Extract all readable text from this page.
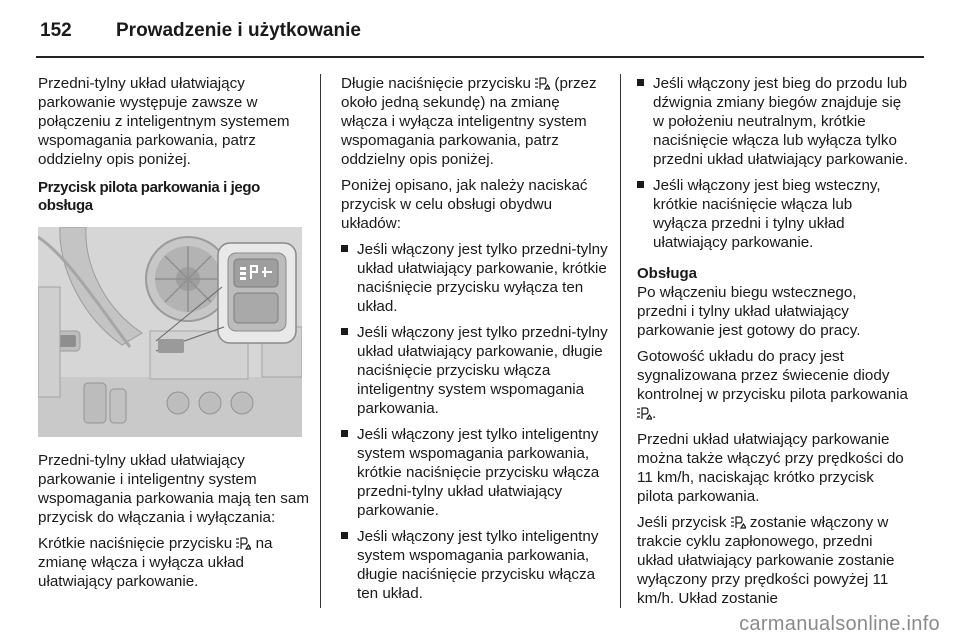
152 Prowadzenie i użytkowanie

Przedni-tylny układ ułatwiający parkowanie występuje zawsze w połączeniu z inteligentnym systemem wspomagania parkowania, patrz oddzielny opis poniżej.

Przycisk pilota parkowania i jego obsługa

Przedni-tylny układ ułatwiający parkowanie i inteligentny system wspomagania parkowania mają ten sam przycisk do włączania i wyłączania:

Krótkie naciśnięcie przycisku na zmianę włącza i wyłącza układ ułatwiający parkowanie.

Długie naciśnięcie przycisku (przez około jedną sekundę) na zmianę włącza i wyłącza inteligentny system wspomagania parkowania, patrz oddzielny opis poniżej.

Poniżej opisano, jak należy naciskać przycisk w celu obsługi obydwu układów:

Jeśli włączony jest tylko przedni-tylny układ ułatwiający parkowanie, krótkie naciśnięcie przycisku wyłącza ten układ.
Jeśli włączony jest tylko przedni-tylny układ ułatwiający parkowanie, długie naciśnięcie przycisku włącza inteligentny system wspomagania parkowania.
Jeśli włączony jest tylko inteligentny system wspomagania parkowania, krótkie naciśnięcie przycisku włącza przedni-tylny układ ułatwiający parkowanie.
Jeśli włączony jest tylko inteligentny system wspomagania parkowania, długie naciśnięcie przycisku włącza ten układ.
Jeśli włączony jest bieg do przodu lub dźwignia zmiany biegów znajduje się w położeniu neutralnym, krótkie naciśnięcie włącza lub wyłącza tylko przedni układ ułatwiający parkowanie.
Jeśli włączony jest bieg wsteczny, krótkie naciśnięcie włącza lub wyłącza przedni i tylny układ ułatwiający parkowanie.
Obsługa

Po włączeniu biegu wstecznego, przedni i tylny układ ułatwiający parkowanie jest gotowy do pracy.

Gotowość układu do pracy jest sygnalizowana przez świecenie diody kontrolnej w przycisku pilota parkowania .

Przedni układ ułatwiający parkowanie można także włączyć przy prędkości do 11 km/h, naciskając krótko przycisk pilota parkowania.

Jeśli przycisk zostanie włączony w trakcie cyklu zapłonowego, przedni układ ułatwiający parkowanie zostanie wyłączony przy prędkości powyżej 11 km/h. Układ zostanie

carmanualsonline.info
